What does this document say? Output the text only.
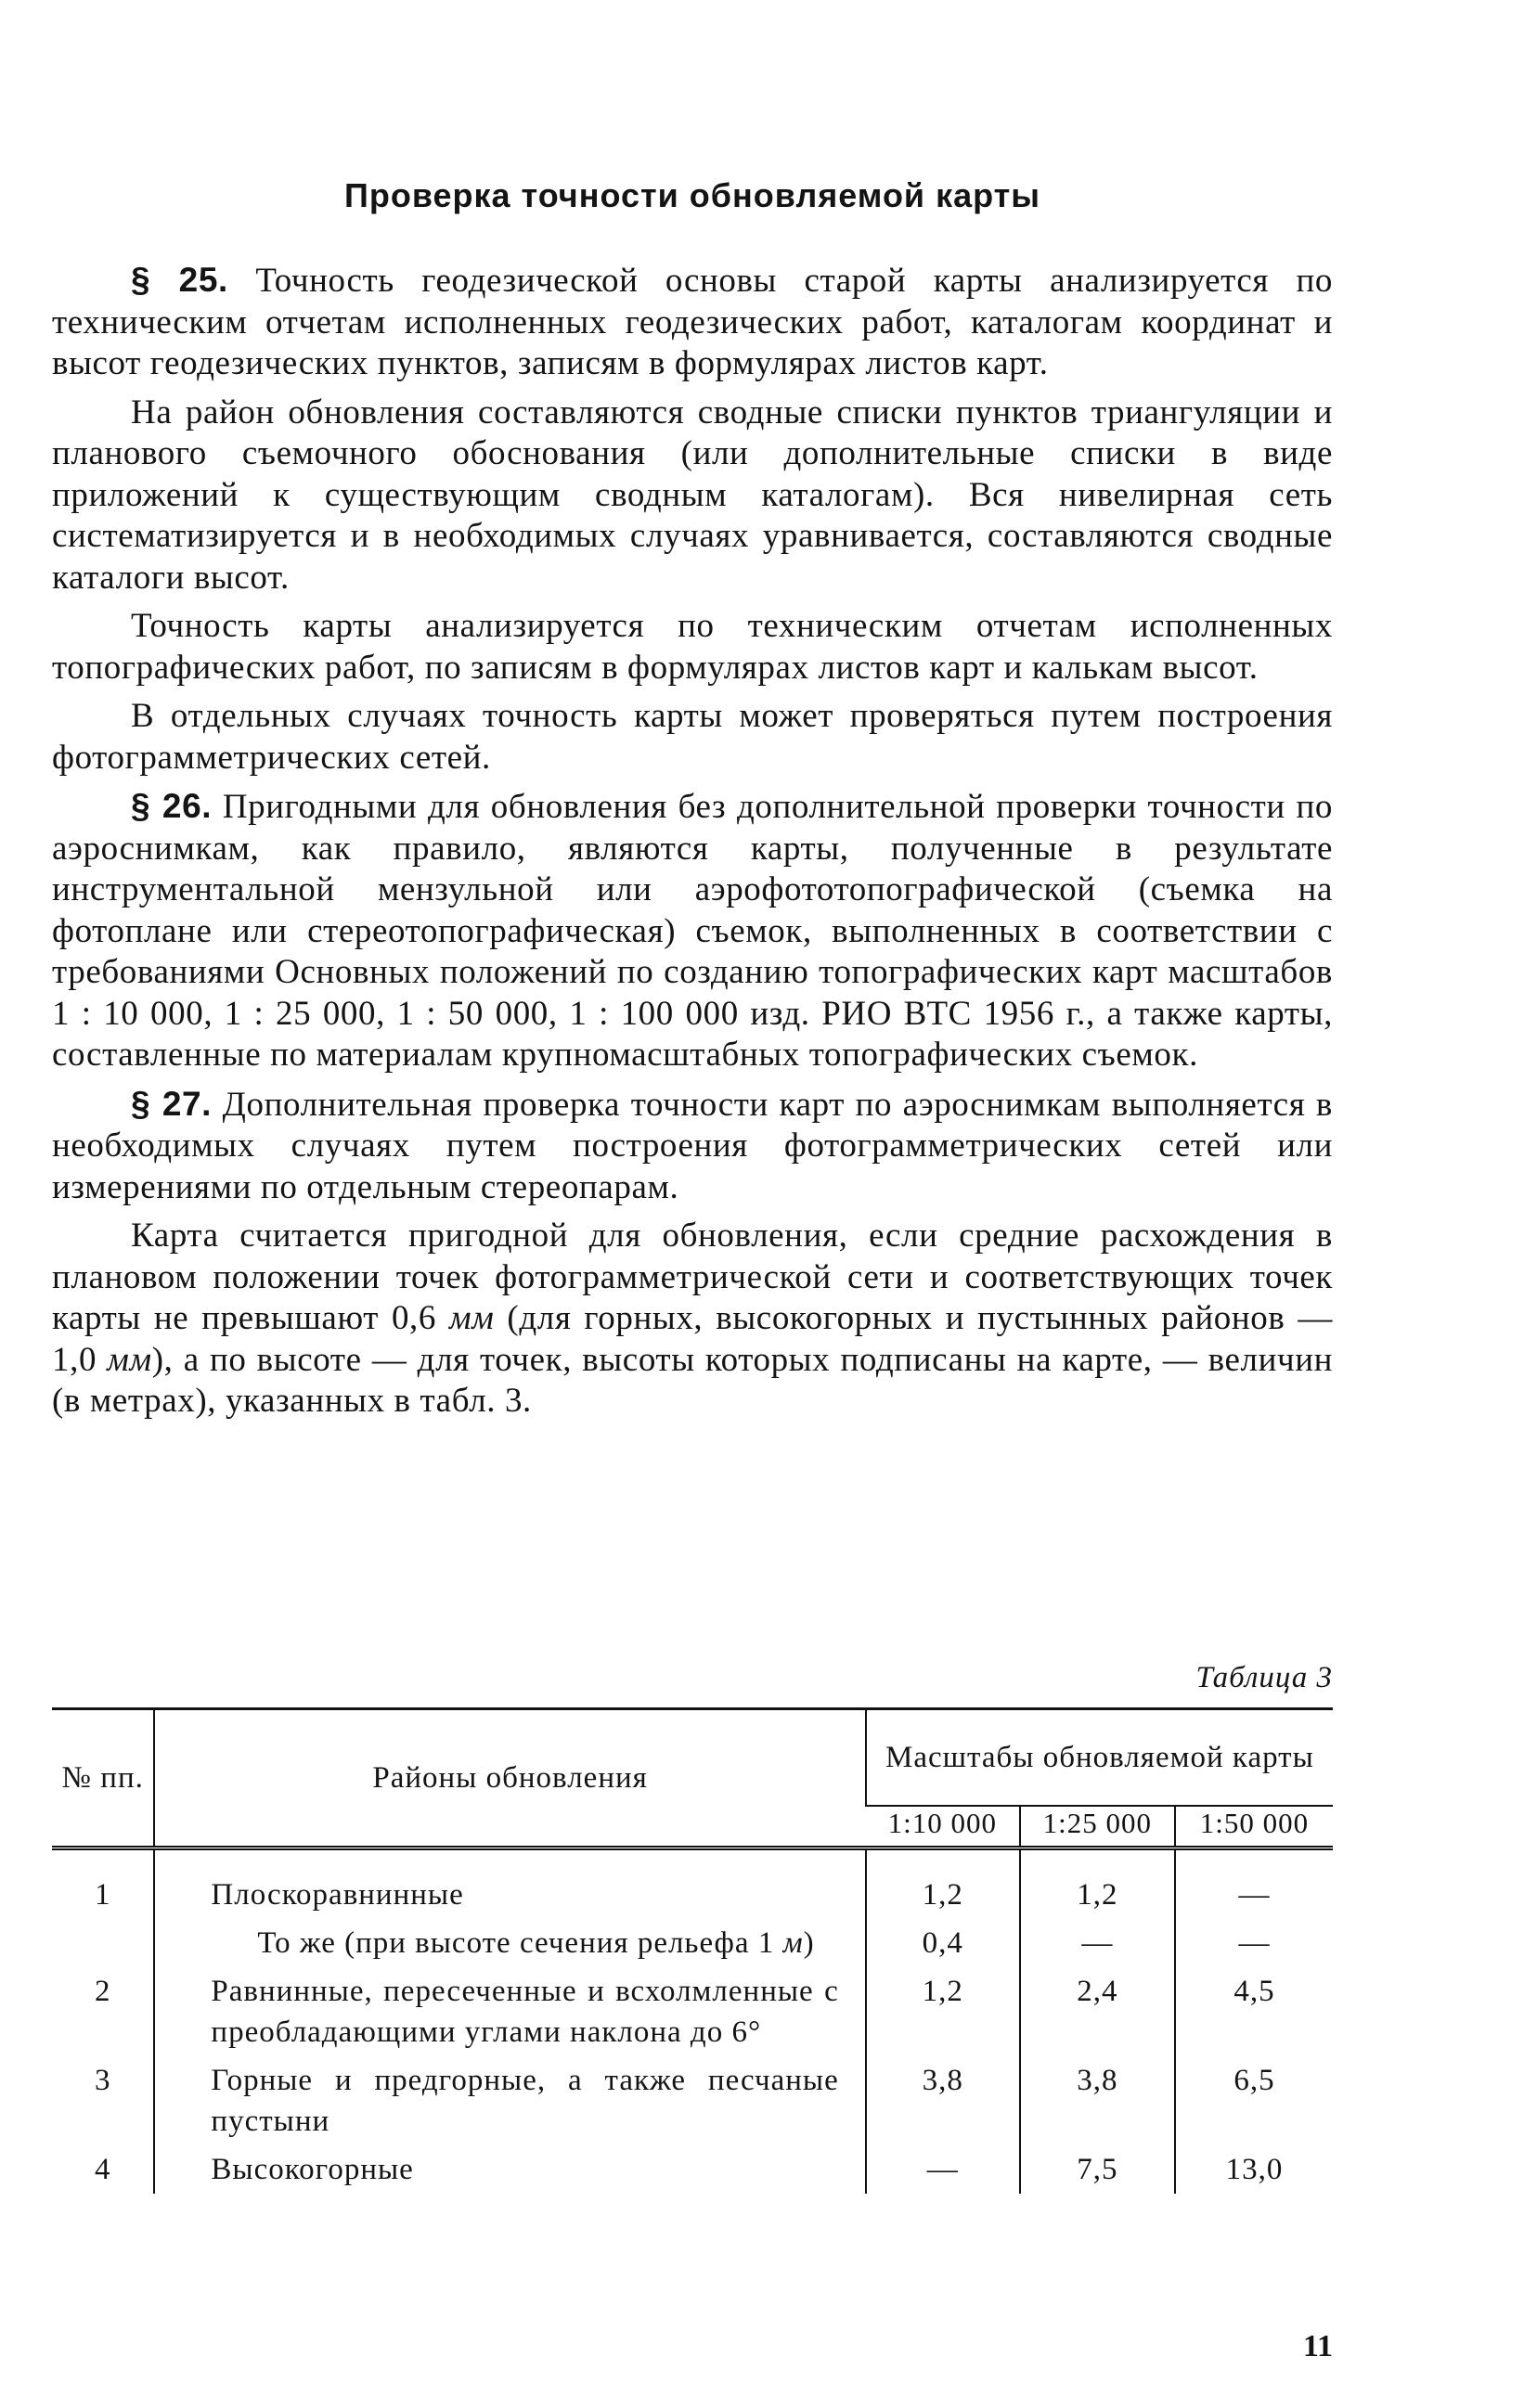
Проверка точности обновляемой карты

§ 25. Точность геодезической основы старой карты анализируется по техническим отчетам исполненных геодезических работ, каталогам координат и высот геодезических пунктов, записям в формулярах листов карт.

На район обновления составляются сводные списки пунктов триангуляции и планового съемочного обоснования (или дополнительные списки в виде приложений к существующим сводным каталогам). Вся нивелирная сеть систематизируется и в необходимых случаях уравнивается, составляются сводные каталоги высот.

Точность карты анализируется по техническим отчетам исполненных топографических работ, по записям в формулярах листов карт и калькам высот.

В отдельных случаях точность карты может проверяться путем построения фотограмметрических сетей.

§ 26. Пригодными для обновления без дополнительной проверки точности по аэроснимкам, как правило, являются карты, полученные в результате инструментальной мензульной или аэрофототопографической (съемка на фотоплане или стереотопографическая) съемок, выполненных в соответствии с требованиями Основных положений по созданию топографических карт масштабов 1 : 10 000, 1 : 25 000, 1 : 50 000, 1 : 100 000 изд. РИО ВТС 1956 г., а также карты, составленные по материалам крупномасштабных топографических съемок.

§ 27. Дополнительная проверка точности карт по аэроснимкам выполняется в необходимых случаях путем построения фотограмметрических сетей или измерениями по отдельным стереопарам.

Карта считается пригодной для обновления, если средние расхождения в плановом положении точек фотограмметрической сети и соответствующих точек карты не превышают 0,6 мм (для горных, высокогорных и пустынных районов — 1,0 мм), а по высоте — для точек, высоты которых подписаны на карте, — величин (в метрах), указанных в табл. 3.

Таблица 3
№ пп.	Районы обновления	Масштабы обновляемой карты		
		1:10 000	1:25 000	1:50 000
1	Плоскоравнинные	1,2	1,2	—
	То же (при высоте сечения рельефа 1 м)	0,4	—	—
2	Равнинные, пересеченные и всхолмленные с преобладающими углами наклона до 6°	1,2	2,4	4,5
3	Горные и предгорные, а также песчаные пустыни	3,8	3,8	6,5
4	Высокогорные	—	7,5	13,0
11
